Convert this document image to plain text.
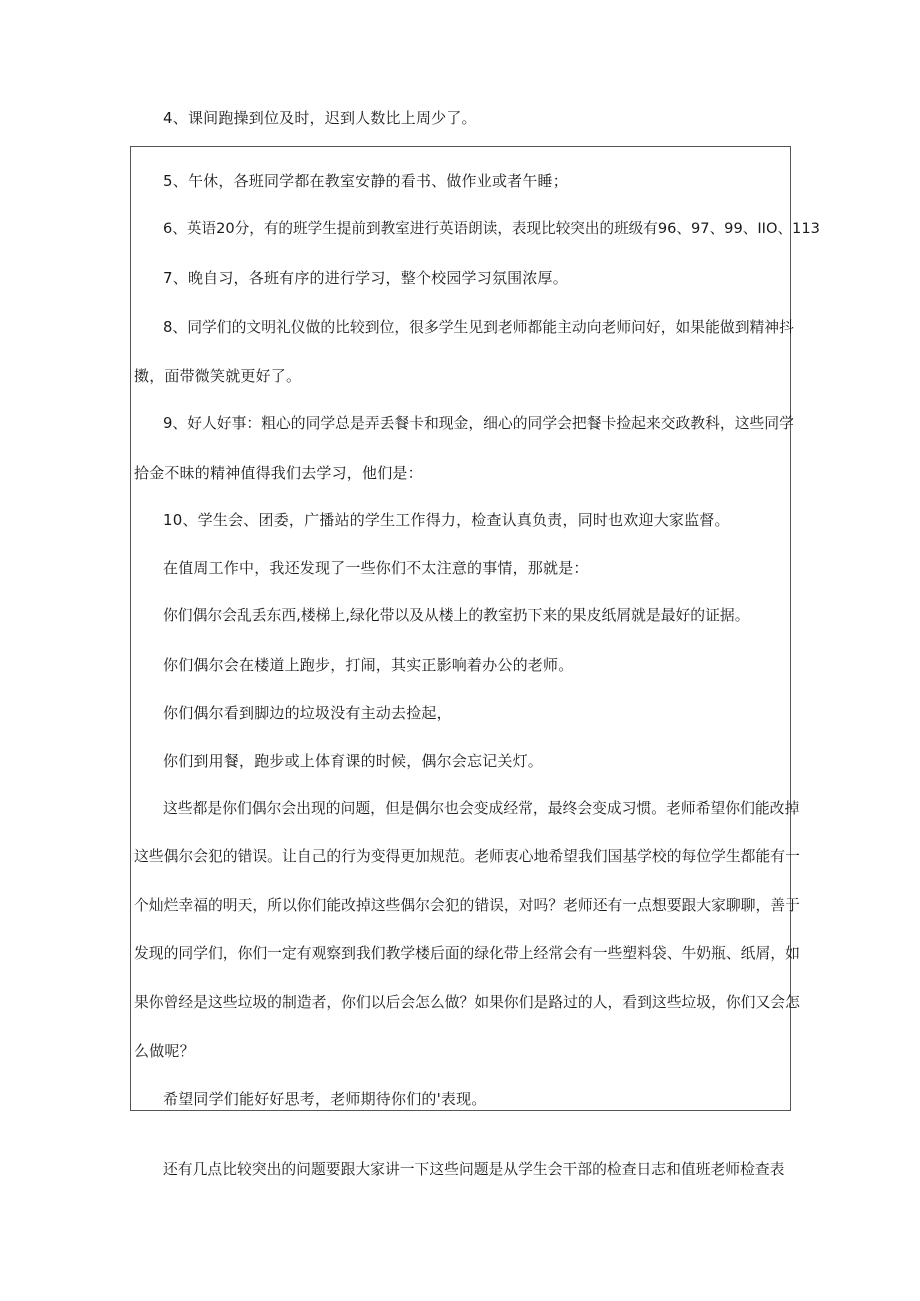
4、课间跑操到位及时，迟到人数比上周少了。
5、午休，各班同学都在教室安静的看书、做作业或者午睡；
6、英语20分，有的班学生提前到教室进行英语朗读，表现比较突出的班级有96、97、99、IIO、113
7、晚自习，各班有序的进行学习，整个校园学习氛围浓厚。
8、同学们的文明礼仪做的比较到位，很多学生见到老师都能主动向老师问好，如果能做到精神抖
擞，面带微笑就更好了。
9、好人好事：粗心的同学总是弄丢餐卡和现金，细心的同学会把餐卡捡起来交政教科，这些同学
拾金不昧的精神值得我们去学习，他们是：
10、学生会、团委，广播站的学生工作得力，检查认真负责，同时也欢迎大家监督。
在值周工作中，我还发现了一些你们不太注意的事情，那就是：
你们偶尔会乱丢东西,楼梯上,绿化带以及从楼上的教室扔下来的果皮纸屑就是最好的证据。
你们偶尔会在楼道上跑步，打闹，其实正影响着办公的老师。
你们偶尔看到脚边的垃圾没有主动去捡起，
你们到用餐，跑步或上体育课的时候，偶尔会忘记关灯。
这些都是你们偶尔会出现的问题，但是偶尔也会变成经常，最终会变成习惯。老师希望你们能改掉
这些偶尔会犯的错误。让自己的行为变得更加规范。老师衷心地希望我们国基学校的每位学生都能有一
个灿烂幸福的明天，所以你们能改掉这些偶尔会犯的错误，对吗？老师还有一点想要跟大家聊聊，善于
发现的同学们，你们一定有观察到我们教学楼后面的绿化带上经常会有一些塑料袋、牛奶瓶、纸屑，如
果你曾经是这些垃圾的制造者，你们以后会怎么做？如果你们是路过的人，看到这些垃圾，你们又会怎
么做呢？
希望同学们能好好思考，老师期待你们的'表现。
还有几点比较突出的问题要跟大家讲一下这些问题是从学生会干部的检查日志和值班老师检查表
